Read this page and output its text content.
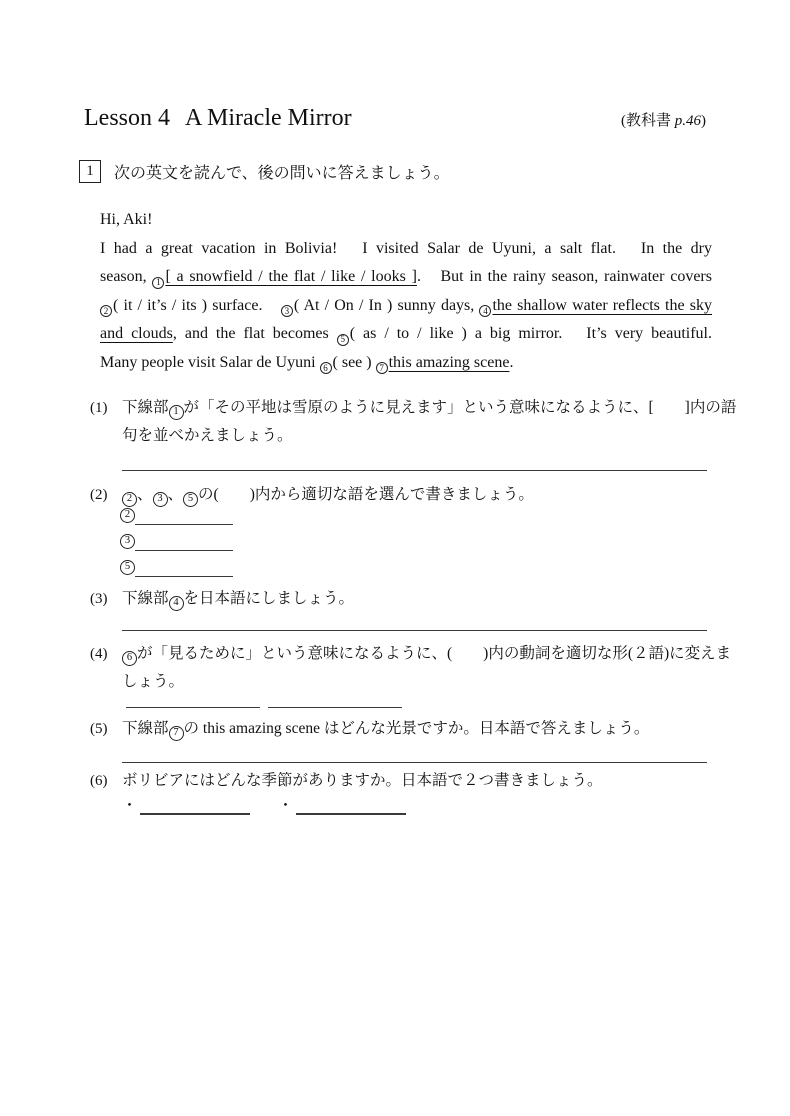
Lesson 4 A Miracle Mirror	(教科書 p.46)
1	次の英文を読んで、後の問いに答えましょう。
Hi, Aki!
I had a great vacation in Bolivia!　I visited Salar de Uyuni, a salt flat.　In the dry
season, 1 [ a snowfield / the flat / like / looks ].　But in the rainy season, rainwater covers
2 ( it / it’s / its ) surface.　3 ( At / On / In ) sunny days, 4 the shallow water reflects the sky
and clouds, and the flat becomes 5 ( as / to / like ) a big mirror.　It’s very beautiful.
Many people visit Salar de Uyuni 6 ( see ) 7 this amazing scene.
(1) 下線部 1 が「その平地は雪原のように見えます」という意味になるように、[　　]内の語
句を並べかえましょう。
(2)	2 、 3 、 5 の(　　)内から適切な語を選んで書きましょう。
2
3
5
(3) 下線部 4 を日本語にしましょう。
(4)	6 が「見るために」という意味になるように、(　　)内の動詞を適切な形(２語)に変えま
しょう。
(5) 下線部 7 の this amazing scene はどんな光景ですか。日本語で答えましょう。
(6) ボリビアにはどんな季節がありますか。日本語で２つ書きましょう。
・	・
